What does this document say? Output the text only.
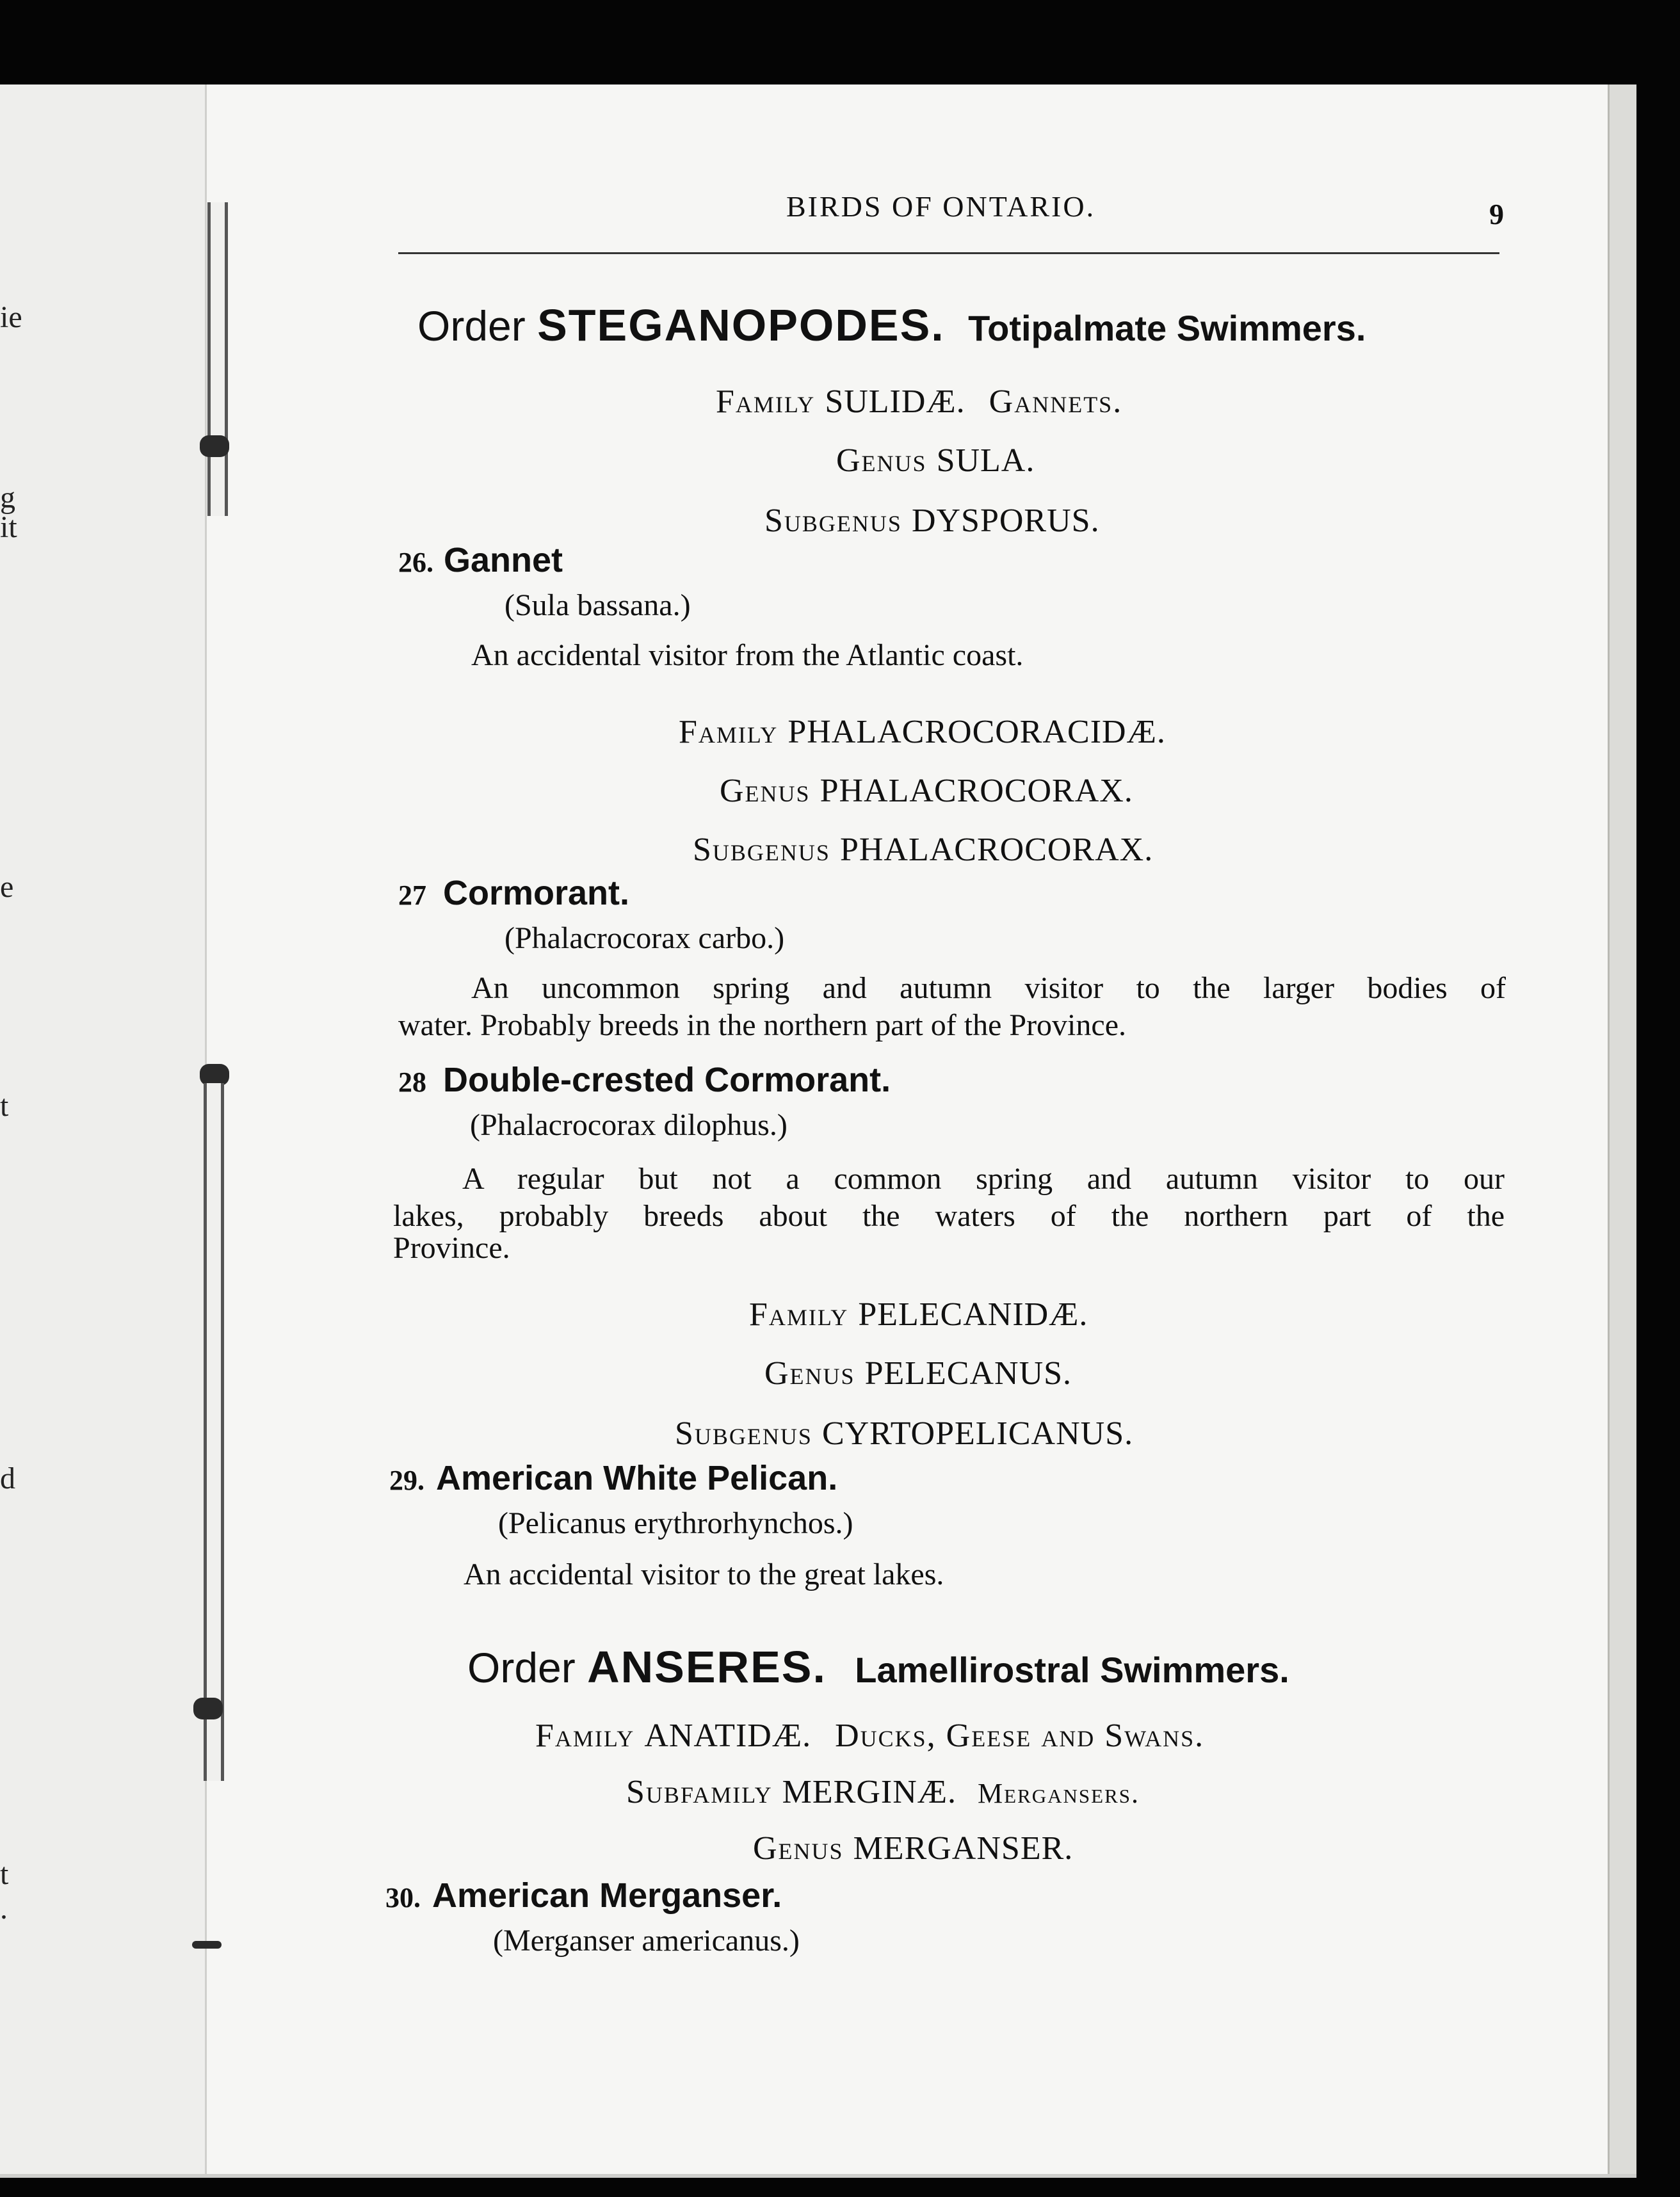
ie
g
it
e
t
d
t
.
BIRDS OF ONTARIO.	9
Order STEGANOPODES. Totipalmate Swimmers.
Family SULIDÆ. Gannets.
Genus SULA.
Subgenus DYSPORUS.
26. Gannet
(Sula bassana.)
An accidental visitor from the Atlantic coast.
Family PHALACROCORACIDÆ.
Genus PHALACROCORAX.
Subgenus PHALACROCORAX.
27 Cormorant.
(Phalacrocorax carbo.)
An uncommon spring and autumn visitor to the larger bodies of
water. Probably breeds in the northern part of the Province.
28 Double-crested Cormorant.
(Phalacrocorax dilophus.)
A regular but not a common spring and autumn visitor to our
lakes, probably breeds about the waters of the northern part of the
Province.
Family PELECANIDÆ.
Genus PELECANUS.
Subgenus CYRTOPELICANUS.
29. American White Pelican.
(Pelicanus erythrorhynchos.)
An accidental visitor to the great lakes.
Order ANSERES. Lamellirostral Swimmers.
Family ANATIDÆ. Ducks, Geese and Swans.
Subfamily MERGINÆ. Mergansers.
Genus MERGANSER.
30. American Merganser.
(Merganser americanus.)
